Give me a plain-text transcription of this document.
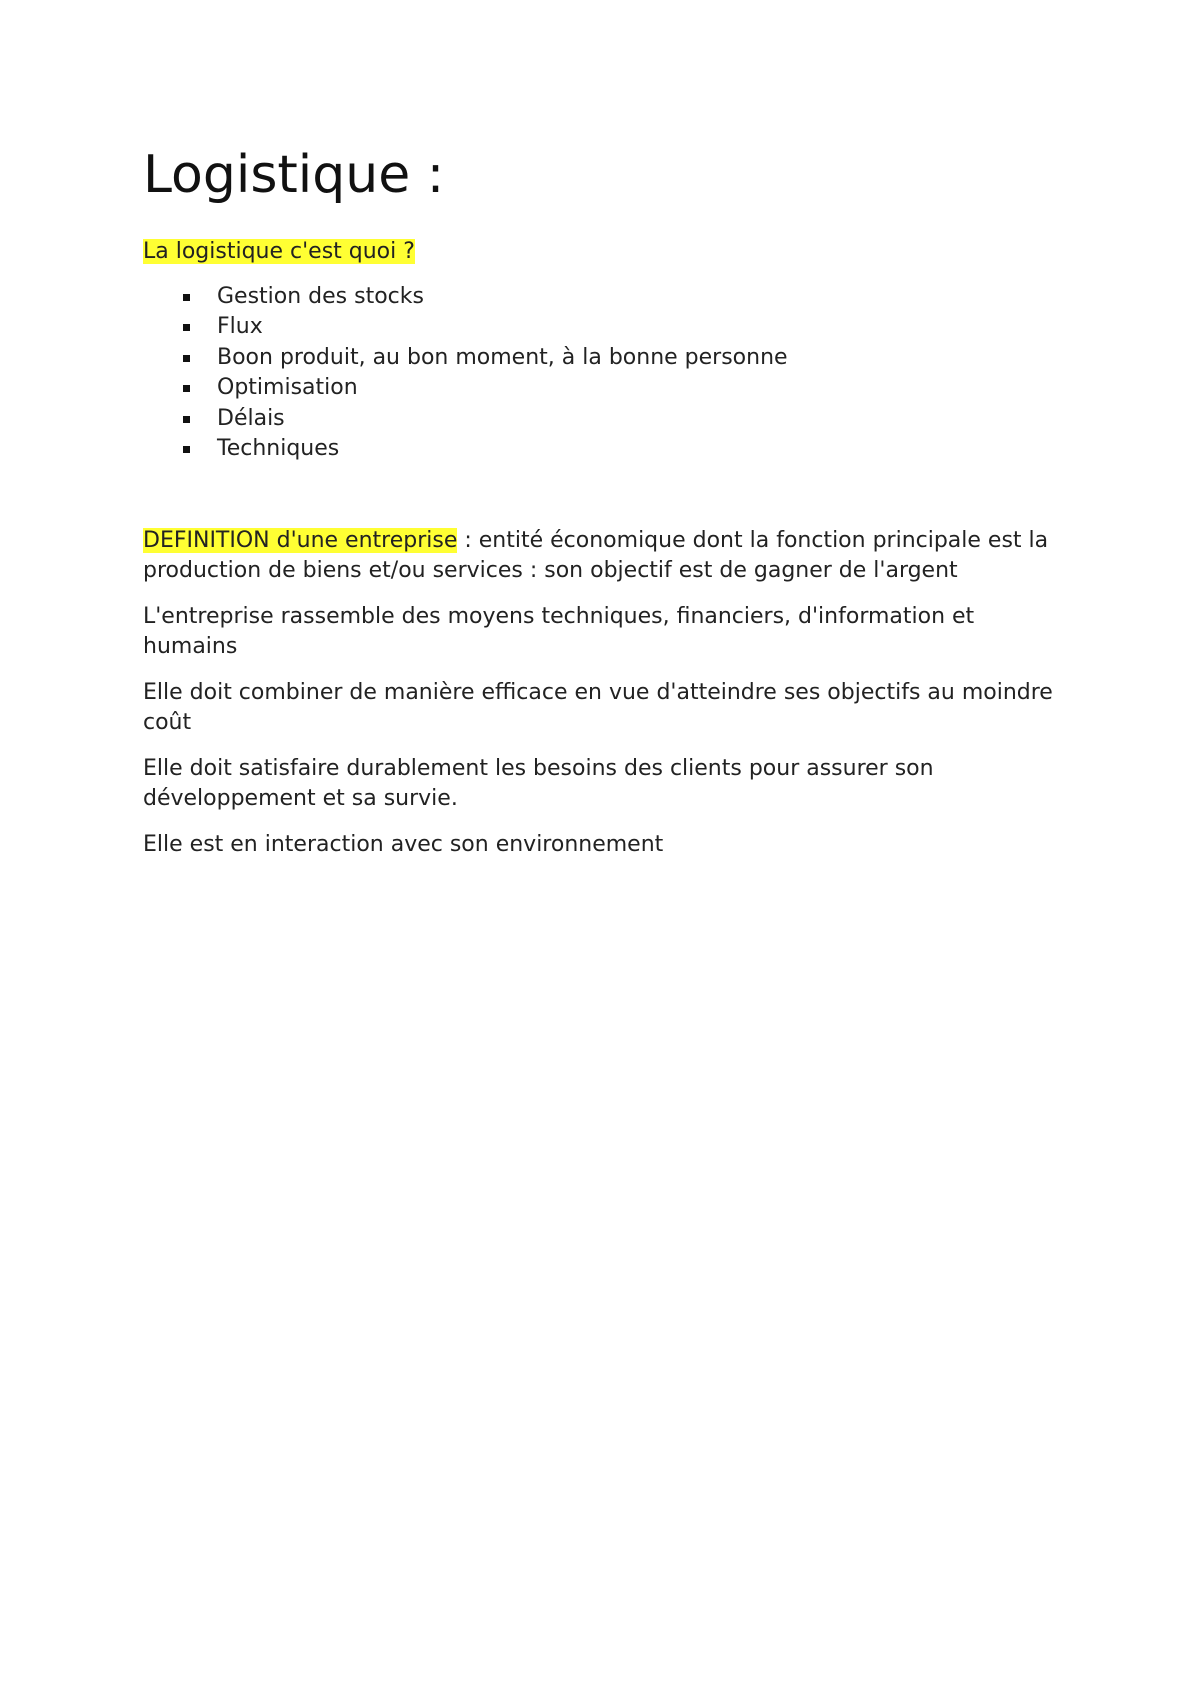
Logistique :

La logistique c'est quoi ?

Gestion des stocks
Flux
Boon produit, au bon moment, à la bonne personne
Optimisation
Délais
Techniques

DEFINITION d'une entreprise : entité économique dont la fonction principale est la production de biens et/ou services : son objectif est de gagner de l'argent

L'entreprise rassemble des moyens techniques, financiers, d'information et humains

Elle doit combiner de manière efficace en vue d'atteindre ses objectifs au moindre coût

Elle doit satisfaire durablement les besoins des clients pour assurer son développement et sa survie.

Elle est en interaction avec son environnement
